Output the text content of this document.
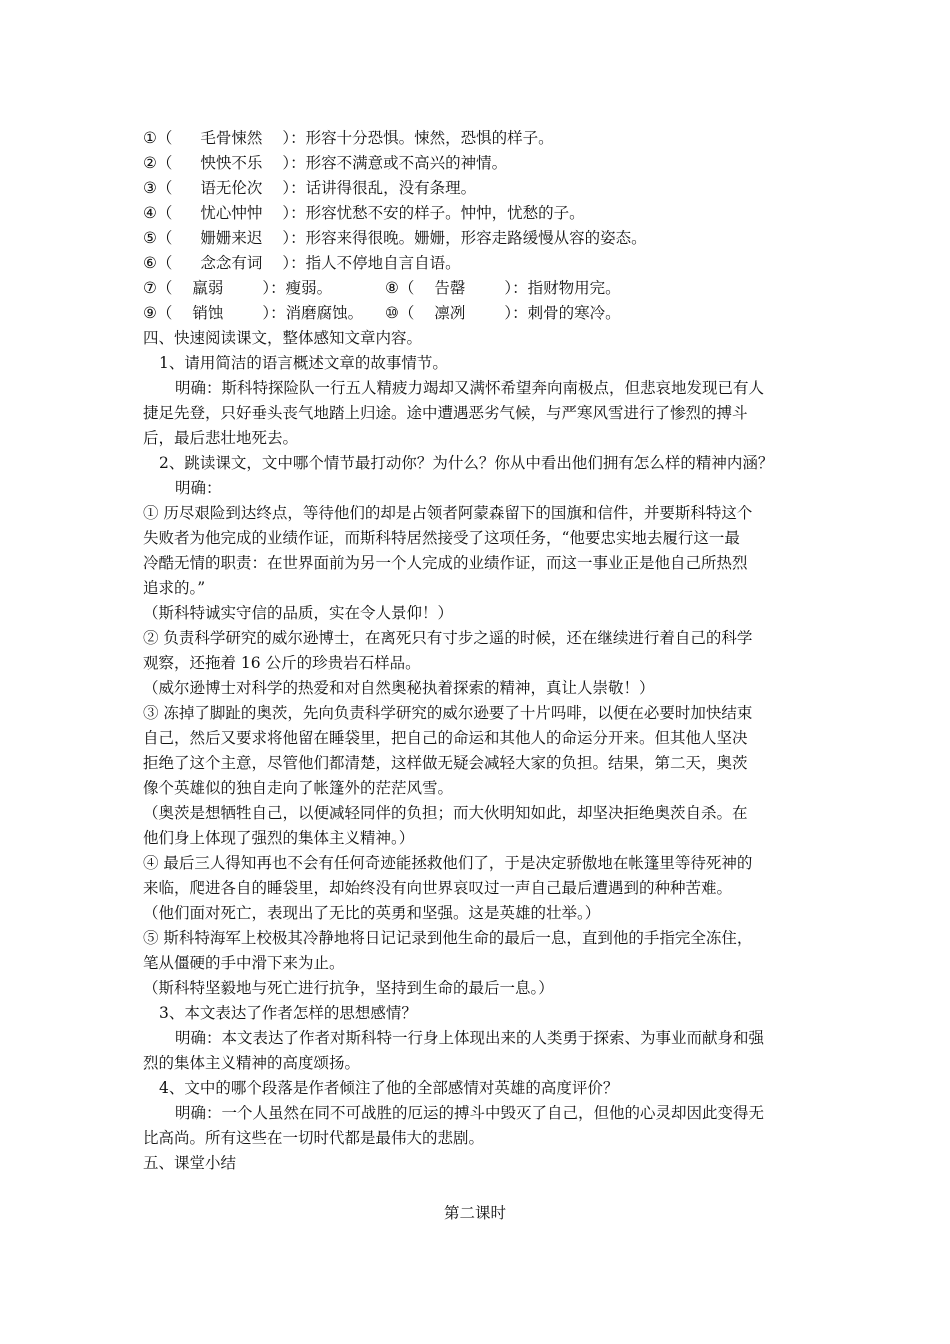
①（ 毛骨悚然 ）：形容十分恐惧。悚然，恐惧的样子。
②（ 怏怏不乐 ）：形容不满意或不高兴的神情。
③（ 语无伦次 ）：话讲得很乱，没有条理。
④（ 忧心忡忡 ）：形容忧愁不安的样子。忡忡，忧愁的子。
⑤（ 姗姗来迟 ）：形容来得很晚。姗姗，形容走路缓慢从容的姿态。
⑥（ 念念有词 ）：指人不停地自言自语。
⑦（ 羸弱	）：瘦弱。	⑧（ 告罄	）：指财物用完。
⑨（ 销蚀	）：消磨腐蚀。 ⑩（ 凛冽	）：刺骨的寒冷。
四、快速阅读课文，整体感知文章内容。
1、请用简洁的语言概述文章的故事情节。
明确：斯科特探险队一行五人精疲力竭却又满怀希望奔向南极点，但悲哀地发现已有人
捷足先登，只好垂头丧气地踏上归途。途中遭遇恶劣气候，与严寒风雪进行了惨烈的搏斗
后，最后悲壮地死去。
2、跳读课文，文中哪个情节最打动你？为什么？你从中看出他们拥有怎么样的精神内涵？
明确：
① 历尽艰险到达终点，等待他们的却是占领者阿蒙森留下的国旗和信件，并要斯科特这个
失败者为他完成的业绩作证，而斯科特居然接受了这项任务，“他要忠实地去履行这一最
冷酷无情的职责：在世界面前为另一个人完成的业绩作证，而这一事业正是他自己所热烈
追求的。”
（斯科特诚实守信的品质，实在令人景仰！）
② 负责科学研究的威尔逊博士，在离死只有寸步之遥的时候，还在继续进行着自己的科学
观察，还拖着 16 公斤的珍贵岩石样品。
（威尔逊博士对科学的热爱和对自然奥秘执着探索的精神，真让人崇敬！）
③ 冻掉了脚趾的奥茨，先向负责科学研究的威尔逊要了十片吗啡，以便在必要时加快结束
自己，然后又要求将他留在睡袋里，把自己的命运和其他人的命运分开来。但其他人坚决
拒绝了这个主意，尽管他们都清楚，这样做无疑会减轻大家的负担。结果，第二天，奥茨
像个英雄似的独自走向了帐篷外的茫茫风雪。
（奥茨是想牺牲自己，以便减轻同伴的负担；而大伙明知如此，却坚决拒绝奥茨自杀。在
他们身上体现了强烈的集体主义精神。）
④ 最后三人得知再也不会有任何奇迹能拯救他们了，于是决定骄傲地在帐篷里等待死神的
来临，爬进各自的睡袋里，却始终没有向世界哀叹过一声自己最后遭遇到的种种苦难。
（他们面对死亡，表现出了无比的英勇和坚强。这是英雄的壮举。）
⑤ 斯科特海军上校极其冷静地将日记记录到他生命的最后一息，直到他的手指完全冻住，
笔从僵硬的手中滑下来为止。
（斯科特坚毅地与死亡进行抗争，坚持到生命的最后一息。）
3、本文表达了作者怎样的思想感情？
明确：本文表达了作者对斯科特一行身上体现出来的人类勇于探索、为事业而献身和强
烈的集体主义精神的高度颂扬。
4、文中的哪个段落是作者倾注了他的全部感情对英雄的高度评价？
明确：一个人虽然在同不可战胜的厄运的搏斗中毁灭了自己，但他的心灵却因此变得无
比高尚。所有这些在一切时代都是最伟大的悲剧。
五、课堂小结
第二课时
